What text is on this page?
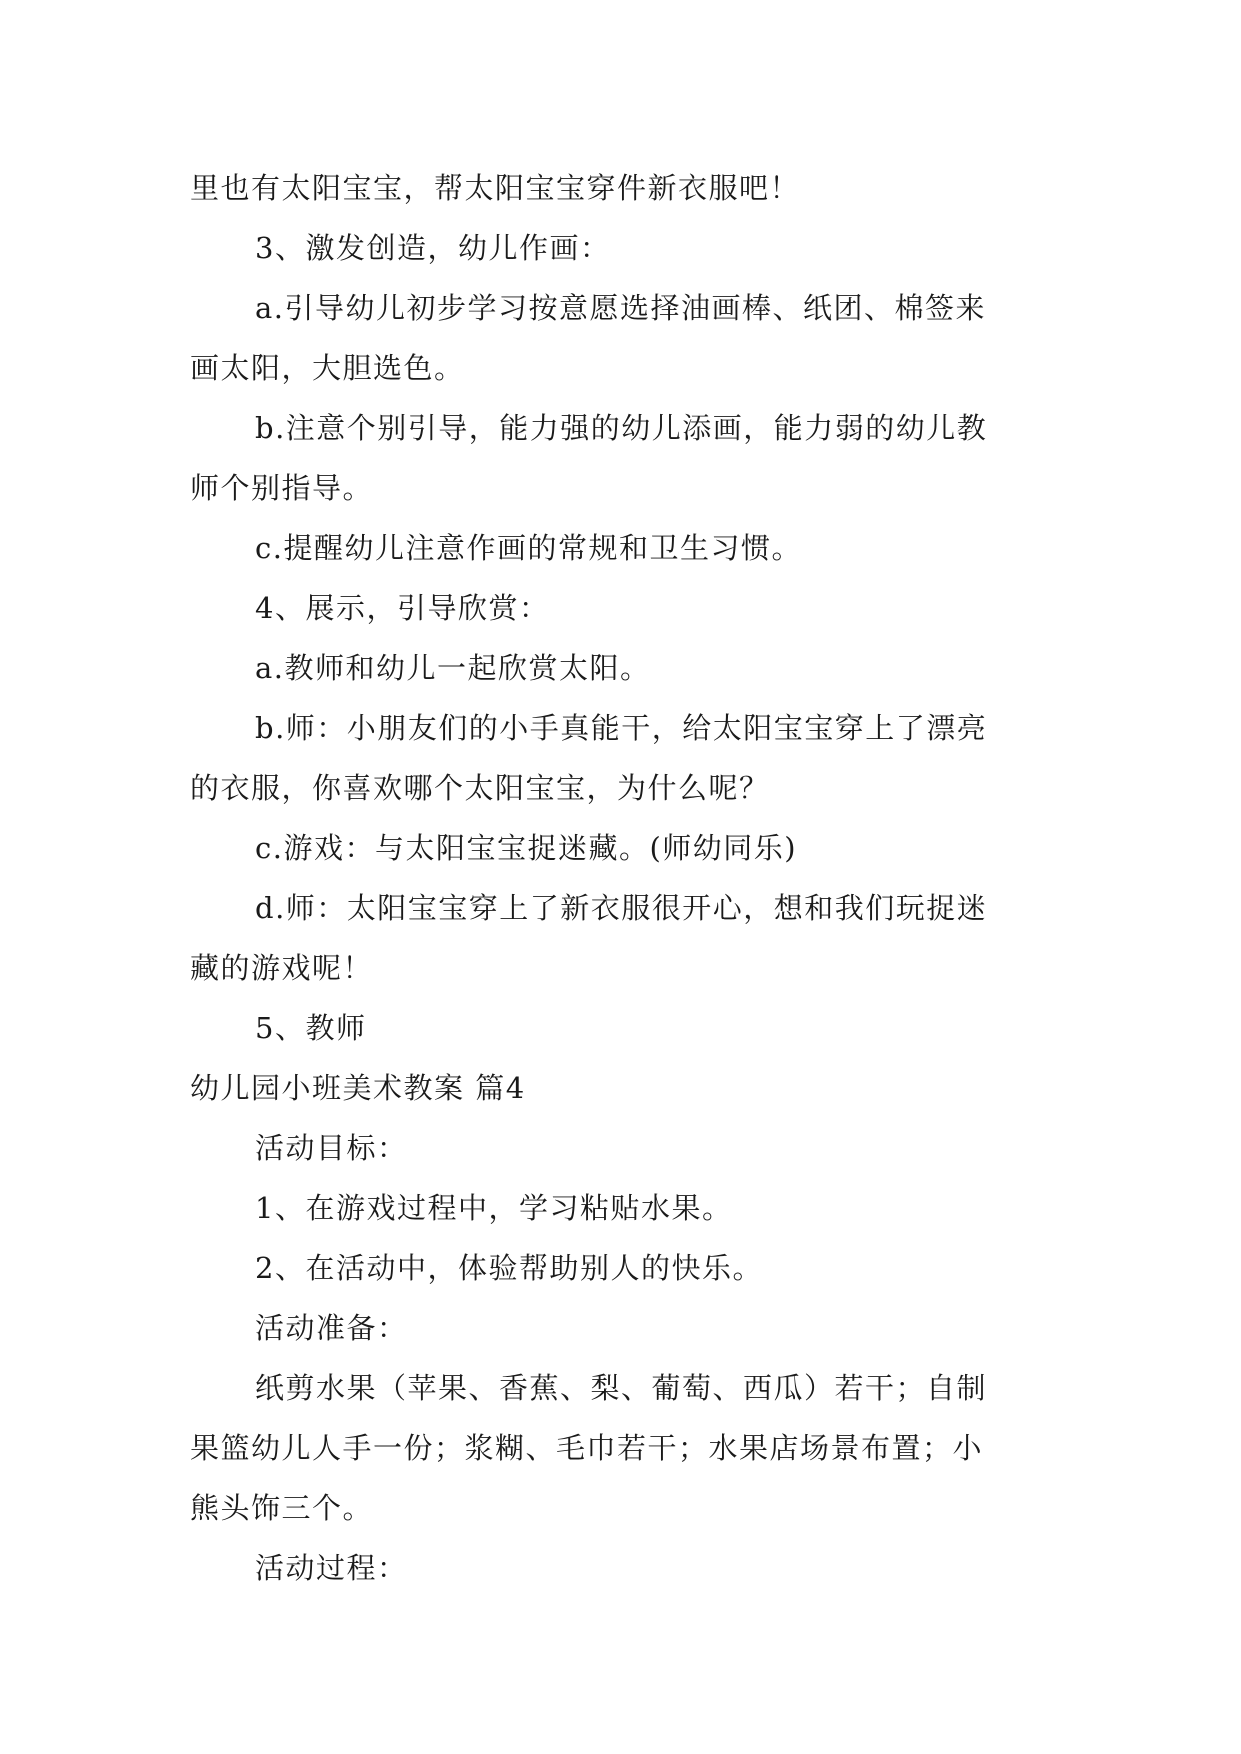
里也有太阳宝宝，帮太阳宝宝穿件新衣服吧！
3、激发创造，幼儿作画：
a.引导幼儿初步学习按意愿选择油画棒、纸团、棉签来
画太阳，大胆选色。
b.注意个别引导，能力强的幼儿添画，能力弱的幼儿教
师个别指导。
c.提醒幼儿注意作画的常规和卫生习惯。
4、展示，引导欣赏：
a.教师和幼儿一起欣赏太阳。
b.师：小朋友们的小手真能干，给太阳宝宝穿上了漂亮
的衣服，你喜欢哪个太阳宝宝，为什么呢？
c.游戏：与太阳宝宝捉迷藏。(师幼同乐)
d.师：太阳宝宝穿上了新衣服很开心，想和我们玩捉迷
藏的游戏呢！
5、教师
幼儿园小班美术教案 篇4
活动目标：
1、在游戏过程中，学习粘贴水果。
2、在活动中，体验帮助别人的快乐。
活动准备：
纸剪水果（苹果、香蕉、梨、葡萄、西瓜）若干；自制
果篮幼儿人手一份；浆糊、毛巾若干；水果店场景布置；小
熊头饰三个。
活动过程：
